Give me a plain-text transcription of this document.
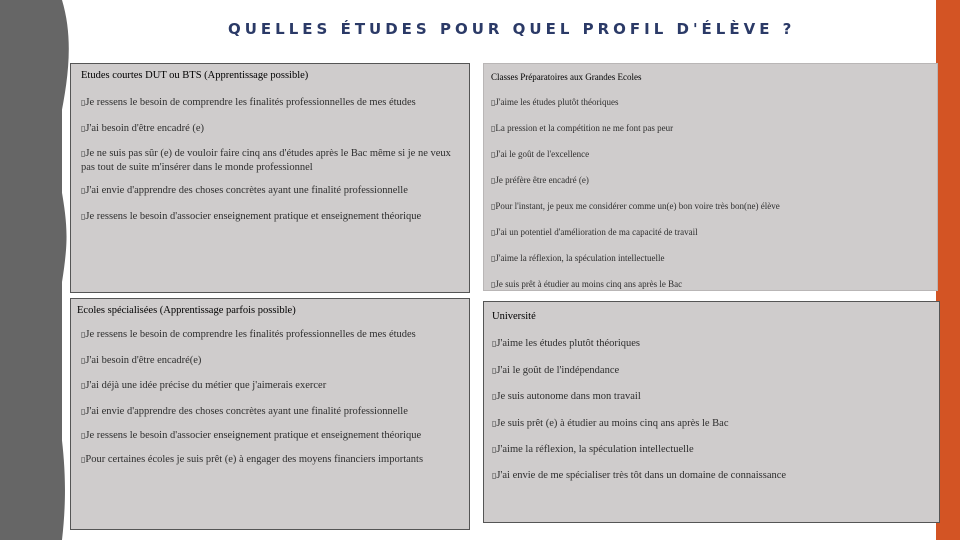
QUELLES ÉTUDES POUR QUEL PROFIL D'ÉLÈVE ?
Etudes courtes DUT ou BTS (Apprentissage possible)
▯Je ressens le besoin de comprendre les finalités professionnelles de mes études
▯J'ai besoin d'être encadré (e)
▯Je ne suis pas sûr (e) de vouloir faire cinq ans d'études après le Bac même si je ne veux pas tout de suite m'insérer dans le monde professionnel
▯J'ai envie d'apprendre des choses concrètes ayant une finalité professionnelle
▯Je ressens le besoin d'associer enseignement pratique et enseignement théorique
Classes Préparatoires aux Grandes Ecoles
▯J'aime les études plutôt théoriques
▯La pression et la compétition ne me font pas peur
▯J'ai le goût de l'excellence
▯Je préfère être encadré (e)
▯Pour l'instant, je peux me considérer comme un(e) bon voire très bon(ne) élève
▯J'ai un potentiel d'amélioration de ma capacité de travail
▯J'aime la réflexion, la spéculation intellectuelle
▯Je suis prêt à étudier au moins cinq ans après le Bac
Ecoles spécialisées (Apprentissage parfois possible)
▯Je ressens le besoin de comprendre les finalités professionnelles de mes études
▯J'ai besoin d'être encadré(e)
▯J'ai déjà une idée précise du métier que j'aimerais exercer
▯J'ai envie d'apprendre des choses concrètes ayant une finalité professionnelle
▯Je ressens le besoin d'associer enseignement pratique et enseignement théorique
▯Pour certaines écoles je suis prêt (e) à engager des moyens financiers importants
Université
▯J'aime les études plutôt théoriques
▯J'ai le goût de l'indépendance
▯Je suis autonome dans mon travail
▯Je suis prêt (e) à étudier au moins cinq ans après le Bac
▯J'aime la réflexion, la spéculation intellectuelle
▯J'ai envie de me spécialiser très tôt dans un domaine de connaissance
